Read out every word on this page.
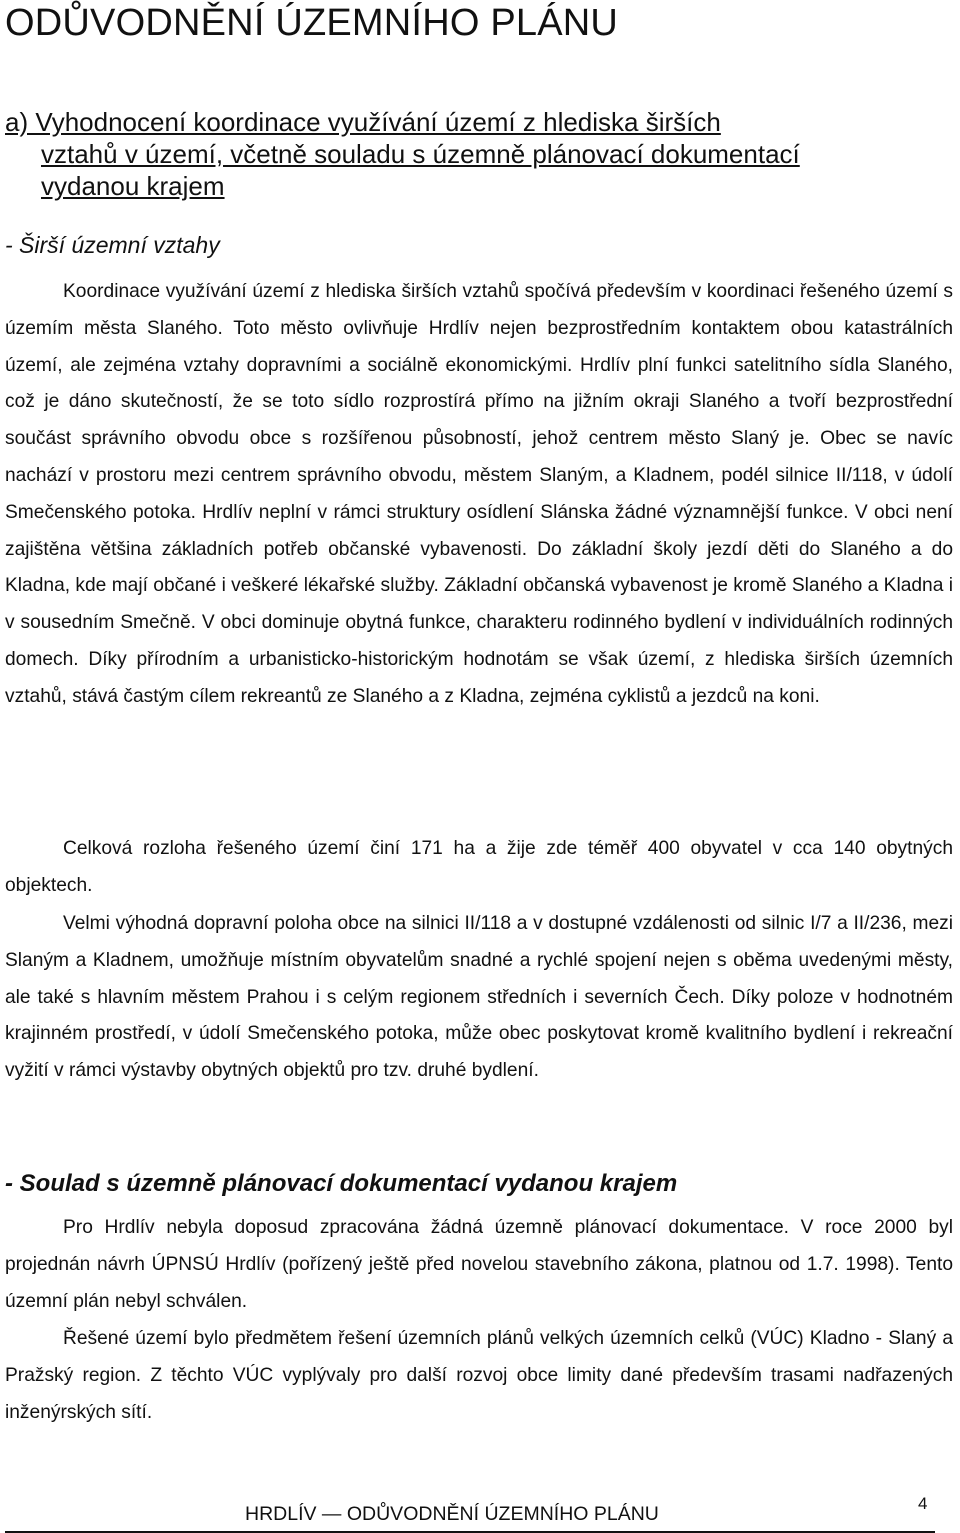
ODŮVODNĚNÍ ÚZEMNÍHO PLÁNU
a) Vyhodnocení koordinace využívání území z hlediska širších
vztahů v území, včetně souladu s územně plánovací dokumentací
vydanou krajem
- Širší územní vztahy

Koordinace využívání území z hlediska širších vztahů spočívá především v koordinaci řešeného území s územím města Slaného. Toto město ovlivňuje Hrdlív nejen bezprostředním kontaktem obou katastrálních území, ale zejména vztahy dopravními a sociálně ekonomickými. Hrdlív plní funkci satelitního sídla Slaného, což je dáno skutečností, že se toto sídlo rozprostírá přímo na jižním okraji Slaného a tvoří bezprostřední součást správního obvodu obce s rozšířenou působností, jehož centrem město Slaný je. Obec se navíc nachází v prostoru mezi centrem správního obvodu, městem Slaným, a Kladnem, podél silnice II/118, v údolí Smečenského potoka. Hrdlív neplní v rámci struktury osídlení Slánska žádné významnější funkce. V obci není zajištěna většina základních potřeb občanské vybavenosti. Do základní školy jezdí děti do Slaného a do Kladna, kde mají občané i veškeré lékařské služby. Základní občanská vybavenost je kromě Slaného a Kladna i v sousedním Smečně. V obci dominuje obytná funkce, charakteru rodinného bydlení v individuálních rodinných domech. Díky přírodním a urbanisticko-historickým hodnotám se však území, z hlediska širších územních vztahů, stává častým cílem rekreantů ze Slaného a z Kladna, zejména cyklistů a jezdců na koni.

Celková rozloha řešeného území činí 171 ha a žije zde téměř 400 obyvatel v cca 140 obytných objektech.

Velmi výhodná dopravní poloha obce na silnici II/118 a v dostupné vzdálenosti od silnic I/7 a II/236, mezi Slaným a Kladnem, umožňuje místním obyvatelům snadné a rychlé spojení nejen s oběma uvedenými městy, ale také s hlavním městem Prahou i s celým regionem středních i severních Čech. Díky poloze v hodnotném krajinném prostředí, v údolí Smečenského potoka, může obec poskytovat kromě kvalitního bydlení i rekreační vyžití v rámci výstavby obytných objektů pro tzv. druhé bydlení.

- Soulad s územně plánovací dokumentací vydanou krajem

Pro Hrdlív nebyla doposud zpracována žádná územně plánovací dokumentace. V roce 2000 byl projednán návrh ÚPNSÚ Hrdlív (pořízený ještě před novelou stavebního zákona, platnou od 1.7. 1998). Tento územní plán nebyl schválen.

Řešené území bylo předmětem řešení územních plánů velkých územních celků (VÚC) Kladno - Slaný a Pražský region. Z těchto VÚC vyplývaly pro další rozvoj obce limity dané především trasami nadřazených inženýrských sítí.

HRDLÍV — ODŮVODNĚNÍ ÚZEMNÍHO PLÁNU	4
